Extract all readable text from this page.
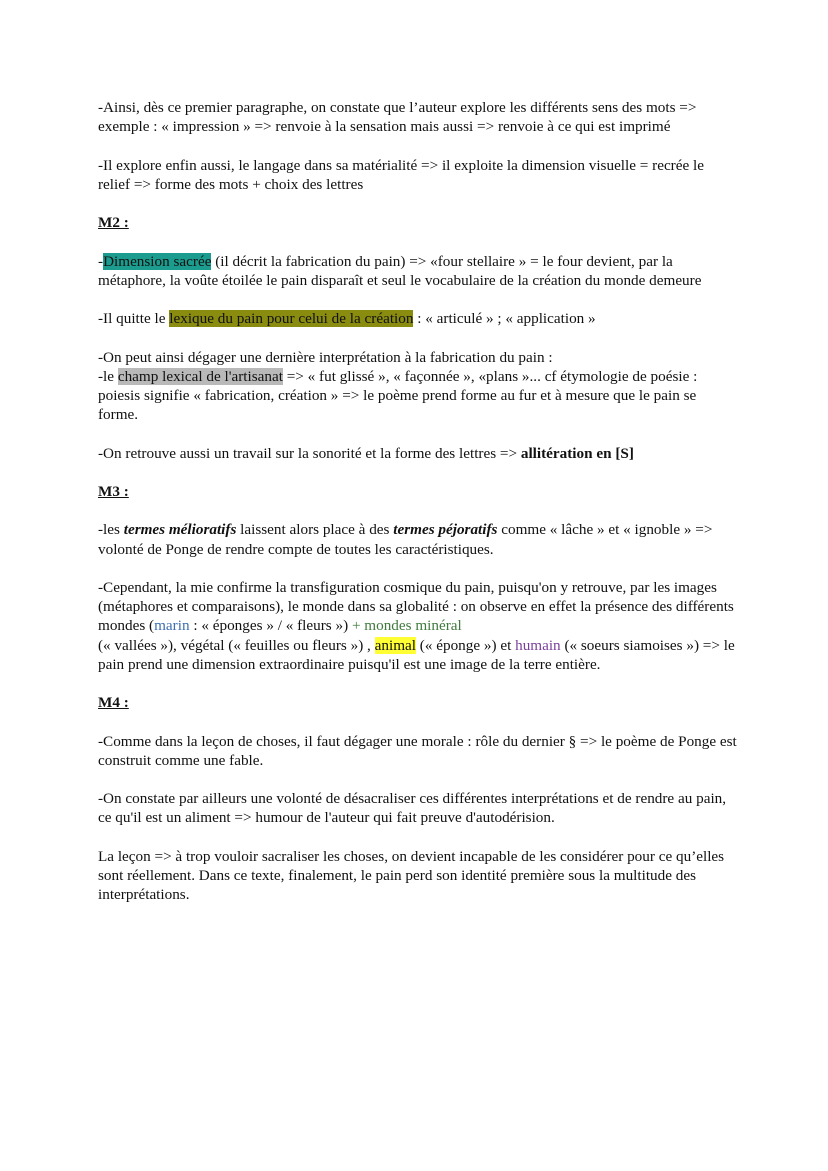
-Ainsi, dès ce premier paragraphe, on constate que l’auteur explore les différents sens des mots => exemple : « impression » => renvoie à la sensation mais aussi => renvoie à ce qui est imprimé

-Il explore enfin aussi, le langage dans sa matérialité => il exploite la dimension visuelle = recrée le relief => forme des mots + choix des lettres

M2 :

-Dimension sacrée (il décrit la fabrication du pain) => «four stellaire » = le four devient, par la métaphore, la voûte étoilée le pain disparaît et seul le vocabulaire de la création du monde demeure

-Il quitte le lexique du pain pour celui de la création : « articulé » ; « application »

-On peut ainsi dégager une dernière interprétation à la fabrication du pain :
-le champ lexical de l'artisanat => « fut glissé », « façonnée », «plans »... cf étymologie de poésie : poiesis signifie « fabrication, création » => le poème prend forme au fur et à mesure que le pain se forme.

-On retrouve aussi un travail sur la sonorité et la forme des lettres => allitération en [S]

M3 :

-les termes mélioratifs laissent alors place à des termes péjoratifs comme « lâche » et « ignoble » => volonté de Ponge de rendre compte de toutes les caractéristiques.

-Cependant, la mie confirme la transfiguration cosmique du pain, puisqu'on y retrouve, par les images (métaphores et comparaisons), le monde dans sa globalité : on observe en effet la présence des différents mondes (marin : « éponges » / « fleurs ») + mondes minéral
(« vallées »), végétal (« feuilles ou fleurs ») , animal (« éponge ») et humain (« soeurs siamoises ») => le pain prend une dimension extraordinaire puisqu'il est une image de la terre entière.

M4 :

-Comme dans la leçon de choses, il faut dégager une morale : rôle du dernier § => le poème de Ponge est construit comme une fable.

-On constate par ailleurs une volonté de désacraliser ces différentes interprétations et de rendre au pain, ce qu'il est un aliment => humour de l'auteur qui fait preuve d'autodérision.

La leçon => à trop vouloir sacraliser les choses, on devient incapable de les considérer pour ce qu’elles sont réellement. Dans ce texte, finalement, le pain perd son identité première sous la multitude des interprétations.
